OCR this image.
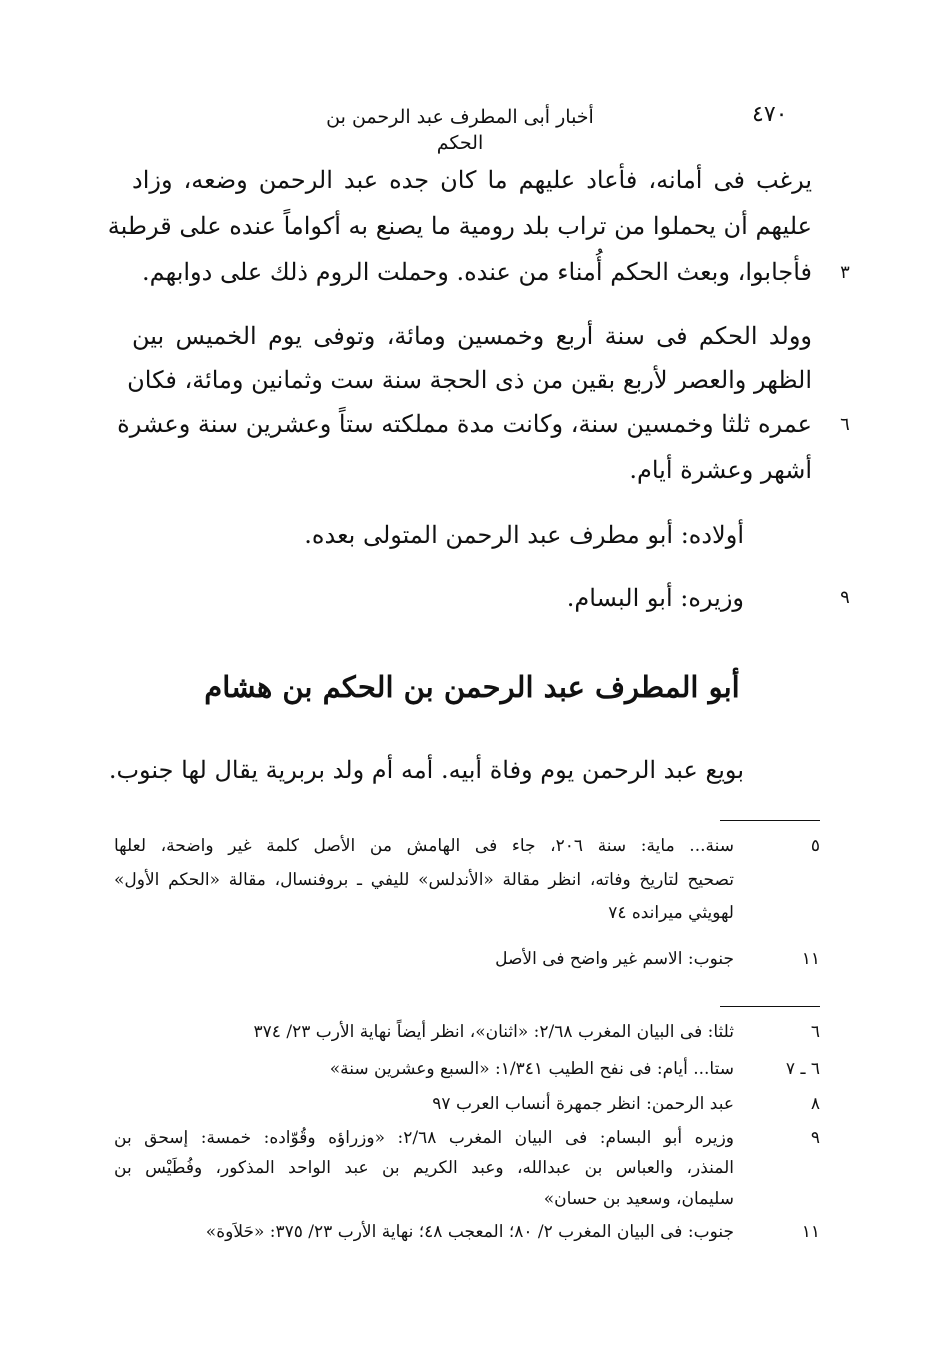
أخبار أبى المطرف عبد الرحمن بن الحكم
٤٧٠
يرغب فى أمانه، فأعاد عليهم ما كان جده عبد الرحمن وضعه، وزاد
عليهم أن يحملوا من تراب بلد رومية ما يصنع به أكواماً عنده على قرطبة
فأجابوا، وبعث الحكم أُمناء من عنده. وحملت الروم ذلك على دوابهم.	٣
وولد الحكم فى سنة أربع وخمسين ومائة، وتوفى يوم الخميس بين
الظهر والعصر لأربع بقين من ذى الحجة سنة ست وثمانين ومائة، فكان
عمره ثلثا وخمسين سنة، وكانت مدة مملكته ستاً وعشرين سنة وعشرة	٦
أشهر وعشرة أيام.
أولاده: أبو مطرف عبد الرحمن المتولى بعده.
وزيره: أبو البسام.	٩
أبو المطرف عبد الرحمن بن الحكم بن هشام
بويع عبد الرحمن يوم وفاة أبيه. أمه أم ولد بربرية يقال لها جنوب.
٥
سنة... ماية: سنة ٢٠٦، جاء فى الهامش من الأصل كلمة غير واضحة، لعلها
تصحيح لتاريخ وفاته، انظر مقالة «الأندلس» لليفي ـ بروفنسال، مقالة «الحكم الأول»
لهويثي ميرانده ٧٤
١١
جنوب: الاسم غير واضح فى الأصل
٦
ثلثا: فى البيان المغرب ٢/٦٨: «اثنان»، انظر أيضاً نهاية الأرب ٢٣/ ٣٧٤
٦ ـ ٧
ستا... أيام: فى نفح الطيب ١/٣٤١: «السبع وعشرين سنة»
٨
عبد الرحمن: انظر جمهرة أنساب العرب ٩٧
٩
وزيره أبو البسام: فى البيان المغرب ٢/٦٨: «وزراؤه وقُوّاده: خمسة: إسحق بن
المنذر، والعباس بن عبدالله، وعبد الكريم بن عبد الواحد المذكور، وفُطَيْس بن
سليمان، وسعيد بن حسان»
١١
جنوب: فى البيان المغرب ٢/ ٨٠؛ المعجب ٤٨؛ نهاية الأرب ٢٣/ ٣٧٥: «حَلاَوة»
